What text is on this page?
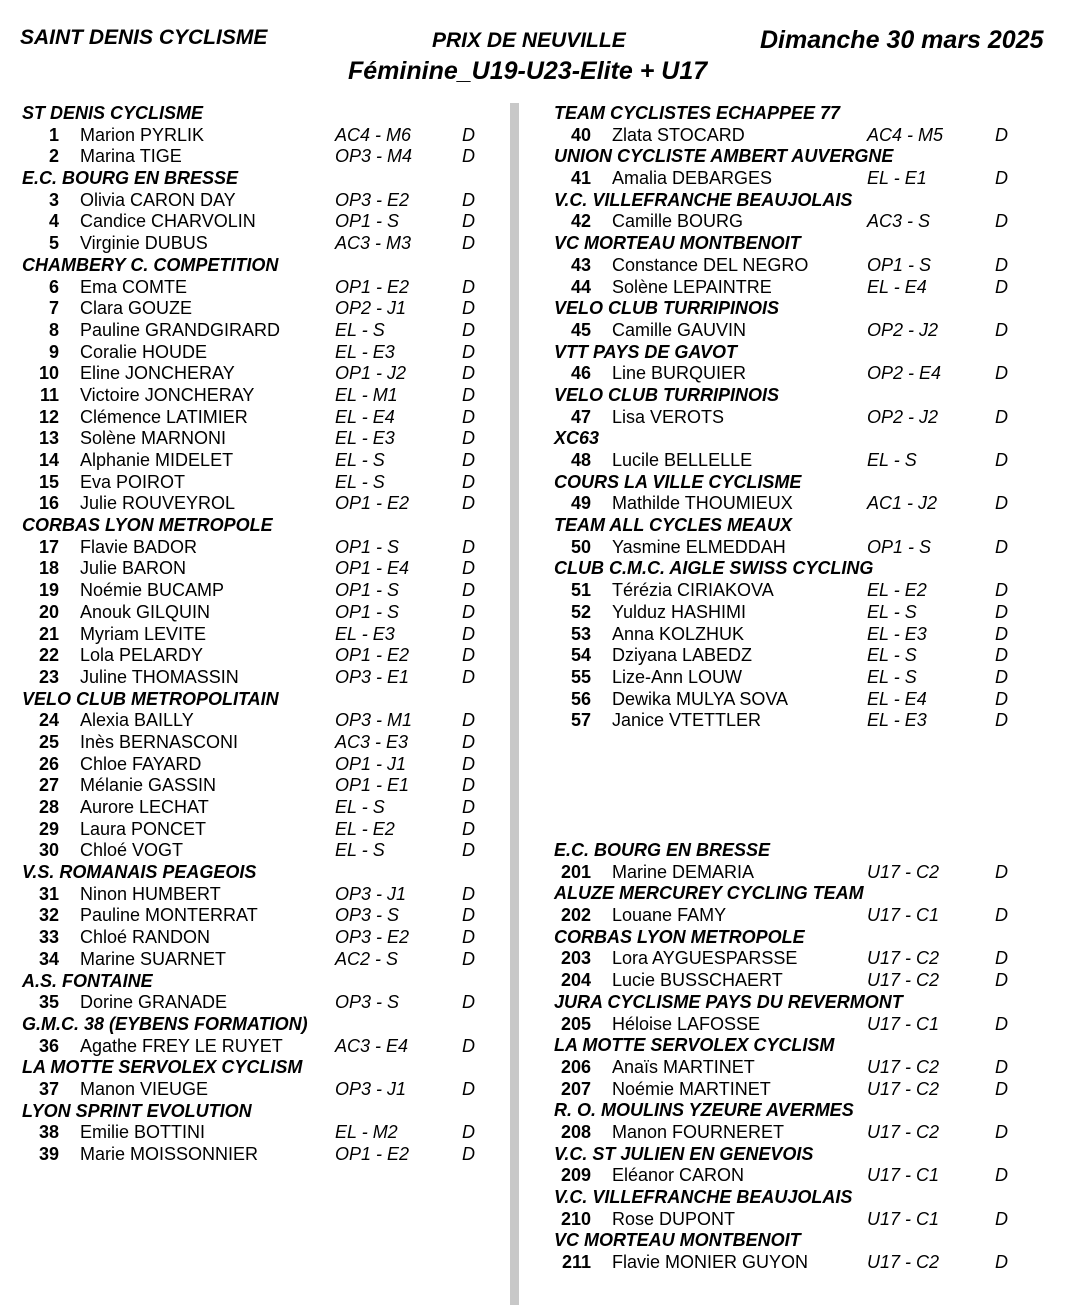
SAINT DENIS CYCLISME	PRIX DE NEUVILLE	Dimanche 30 mars 2025
Féminine_U19-U23-Elite + U17
ST DENIS CYCLISME
1 Marion PYRLIK	AC4 - M6	D
2 Marina TIGE	OP3 - M4	D
E.C. BOURG EN BRESSE
3 Olivia CARON DAY	OP3 - E2	D
4 Candice CHARVOLIN	OP1 - S	D
5 Virginie DUBUS	AC3 - M3	D
CHAMBERY C. COMPETITION
6 Ema COMTE	OP1 - E2	D
7 Clara GOUZE	OP2 - J1	D
8 Pauline GRANDGIRARD	EL - S	D
9 Coralie HOUDE	EL - E3	D
10 Eline JONCHERAY	OP1 - J2	D
11 Victoire JONCHERAY	EL - M1	D
12 Clémence LATIMIER	EL - E4	D
13 Solène MARNONI	EL - E3	D
14 Alphanie MIDELET	EL - S	D
15 Eva POIROT	EL - S	D
16 Julie ROUVEYROL	OP1 - E2	D
CORBAS LYON METROPOLE
17 Flavie BADOR	OP1 - S	D
18 Julie BARON	OP1 - E4	D
19 Noémie BUCAMP	OP1 - S	D
20 Anouk GILQUIN	OP1 - S	D
21 Myriam LEVITE	EL - E3	D
22 Lola PELARDY	OP1 - E2	D
23 Juline THOMASSIN	OP3 - E1	D
VELO CLUB METROPOLITAIN
24 Alexia BAILLY	OP3 - M1	D
25 Inès BERNASCONI	AC3 - E3	D
26 Chloe FAYARD	OP1 - J1	D
27 Mélanie GASSIN	OP1 - E1	D
28 Aurore LECHAT	EL - S	D
29 Laura PONCET	EL - E2	D
30 Chloé VOGT	EL - S	D
V.S. ROMANAIS PEAGEOIS
31 Ninon HUMBERT	OP3 - J1	D
32 Pauline MONTERRAT	OP3 - S	D
33 Chloé RANDON	OP3 - E2	D
34 Marine SUARNET	AC2 - S	D
A.S. FONTAINE
35 Dorine GRANADE	OP3 - S	D
G.M.C. 38 (EYBENS FORMATION)
36 Agathe FREY LE RUYET	AC3 - E4	D
LA MOTTE SERVOLEX CYCLISM
37 Manon VIEUGE	OP3 - J1	D
LYON SPRINT EVOLUTION
38 Emilie BOTTINI	EL - M2	D
39 Marie MOISSONNIER	OP1 - E2	D
TEAM CYCLISTES ECHAPPEE 77
40 Zlata STOCARD	AC4 - M5	D
UNION CYCLISTE AMBERT AUVERGNE
41 Amalia DEBARGES	EL - E1	D
V.C. VILLEFRANCHE BEAUJOLAIS
42 Camille BOURG	AC3 - S	D
VC MORTEAU MONTBENOIT
43 Constance DEL NEGRO	OP1 - S	D
44 Solène LEPAINTRE	EL - E4	D
VELO CLUB TURRIPINOIS
45 Camille GAUVIN	OP2 - J2	D
VTT PAYS DE GAVOT
46 Line BURQUIER	OP2 - E4	D
VELO CLUB TURRIPINOIS
47 Lisa VEROTS	OP2 - J2	D
XC63
48 Lucile BELLELLE	EL - S	D
COURS LA VILLE CYCLISME
49 Mathilde THOUMIEUX	AC1 - J2	D
TEAM ALL CYCLES MEAUX
50 Yasmine ELMEDDAH	OP1 - S	D
CLUB C.M.C. AIGLE SWISS CYCLING
51 Térézia CIRIAKOVA	EL - E2	D
52 Yulduz HASHIMI	EL - S	D
53 Anna KOLZHUK	EL - E3	D
54 Dziyana LABEDZ	EL - S	D
55 Lize-Ann LOUW	EL - S	D
56 Dewika MULYA SOVA	EL - E4	D
57 Janice VTETTLER	EL - E3	D
E.C. BOURG EN BRESSE
201 Marine DEMARIA	U17 - C2	D
ALUZE MERCUREY CYCLING TEAM
202 Louane FAMY	U17 - C1	D
CORBAS LYON METROPOLE
203 Lora AYGUESPARSSE	U17 - C2	D
204 Lucie BUSSCHAERT	U17 - C2	D
JURA CYCLISME PAYS DU REVERMONT
205 Héloise LAFOSSE	U17 - C1	D
LA MOTTE SERVOLEX CYCLISM
206 Anaïs MARTINET	U17 - C2	D
207 Noémie MARTINET	U17 - C2	D
R. O. MOULINS YZEURE AVERMES
208 Manon FOURNERET	U17 - C2	D
V.C. ST JULIEN EN GENEVOIS
209 Eléanor CARON	U17 - C1	D
V.C. VILLEFRANCHE BEAUJOLAIS
210 Rose DUPONT	U17 - C1	D
VC MORTEAU MONTBENOIT
211 Flavie MONIER GUYON	U17 - C2	D
